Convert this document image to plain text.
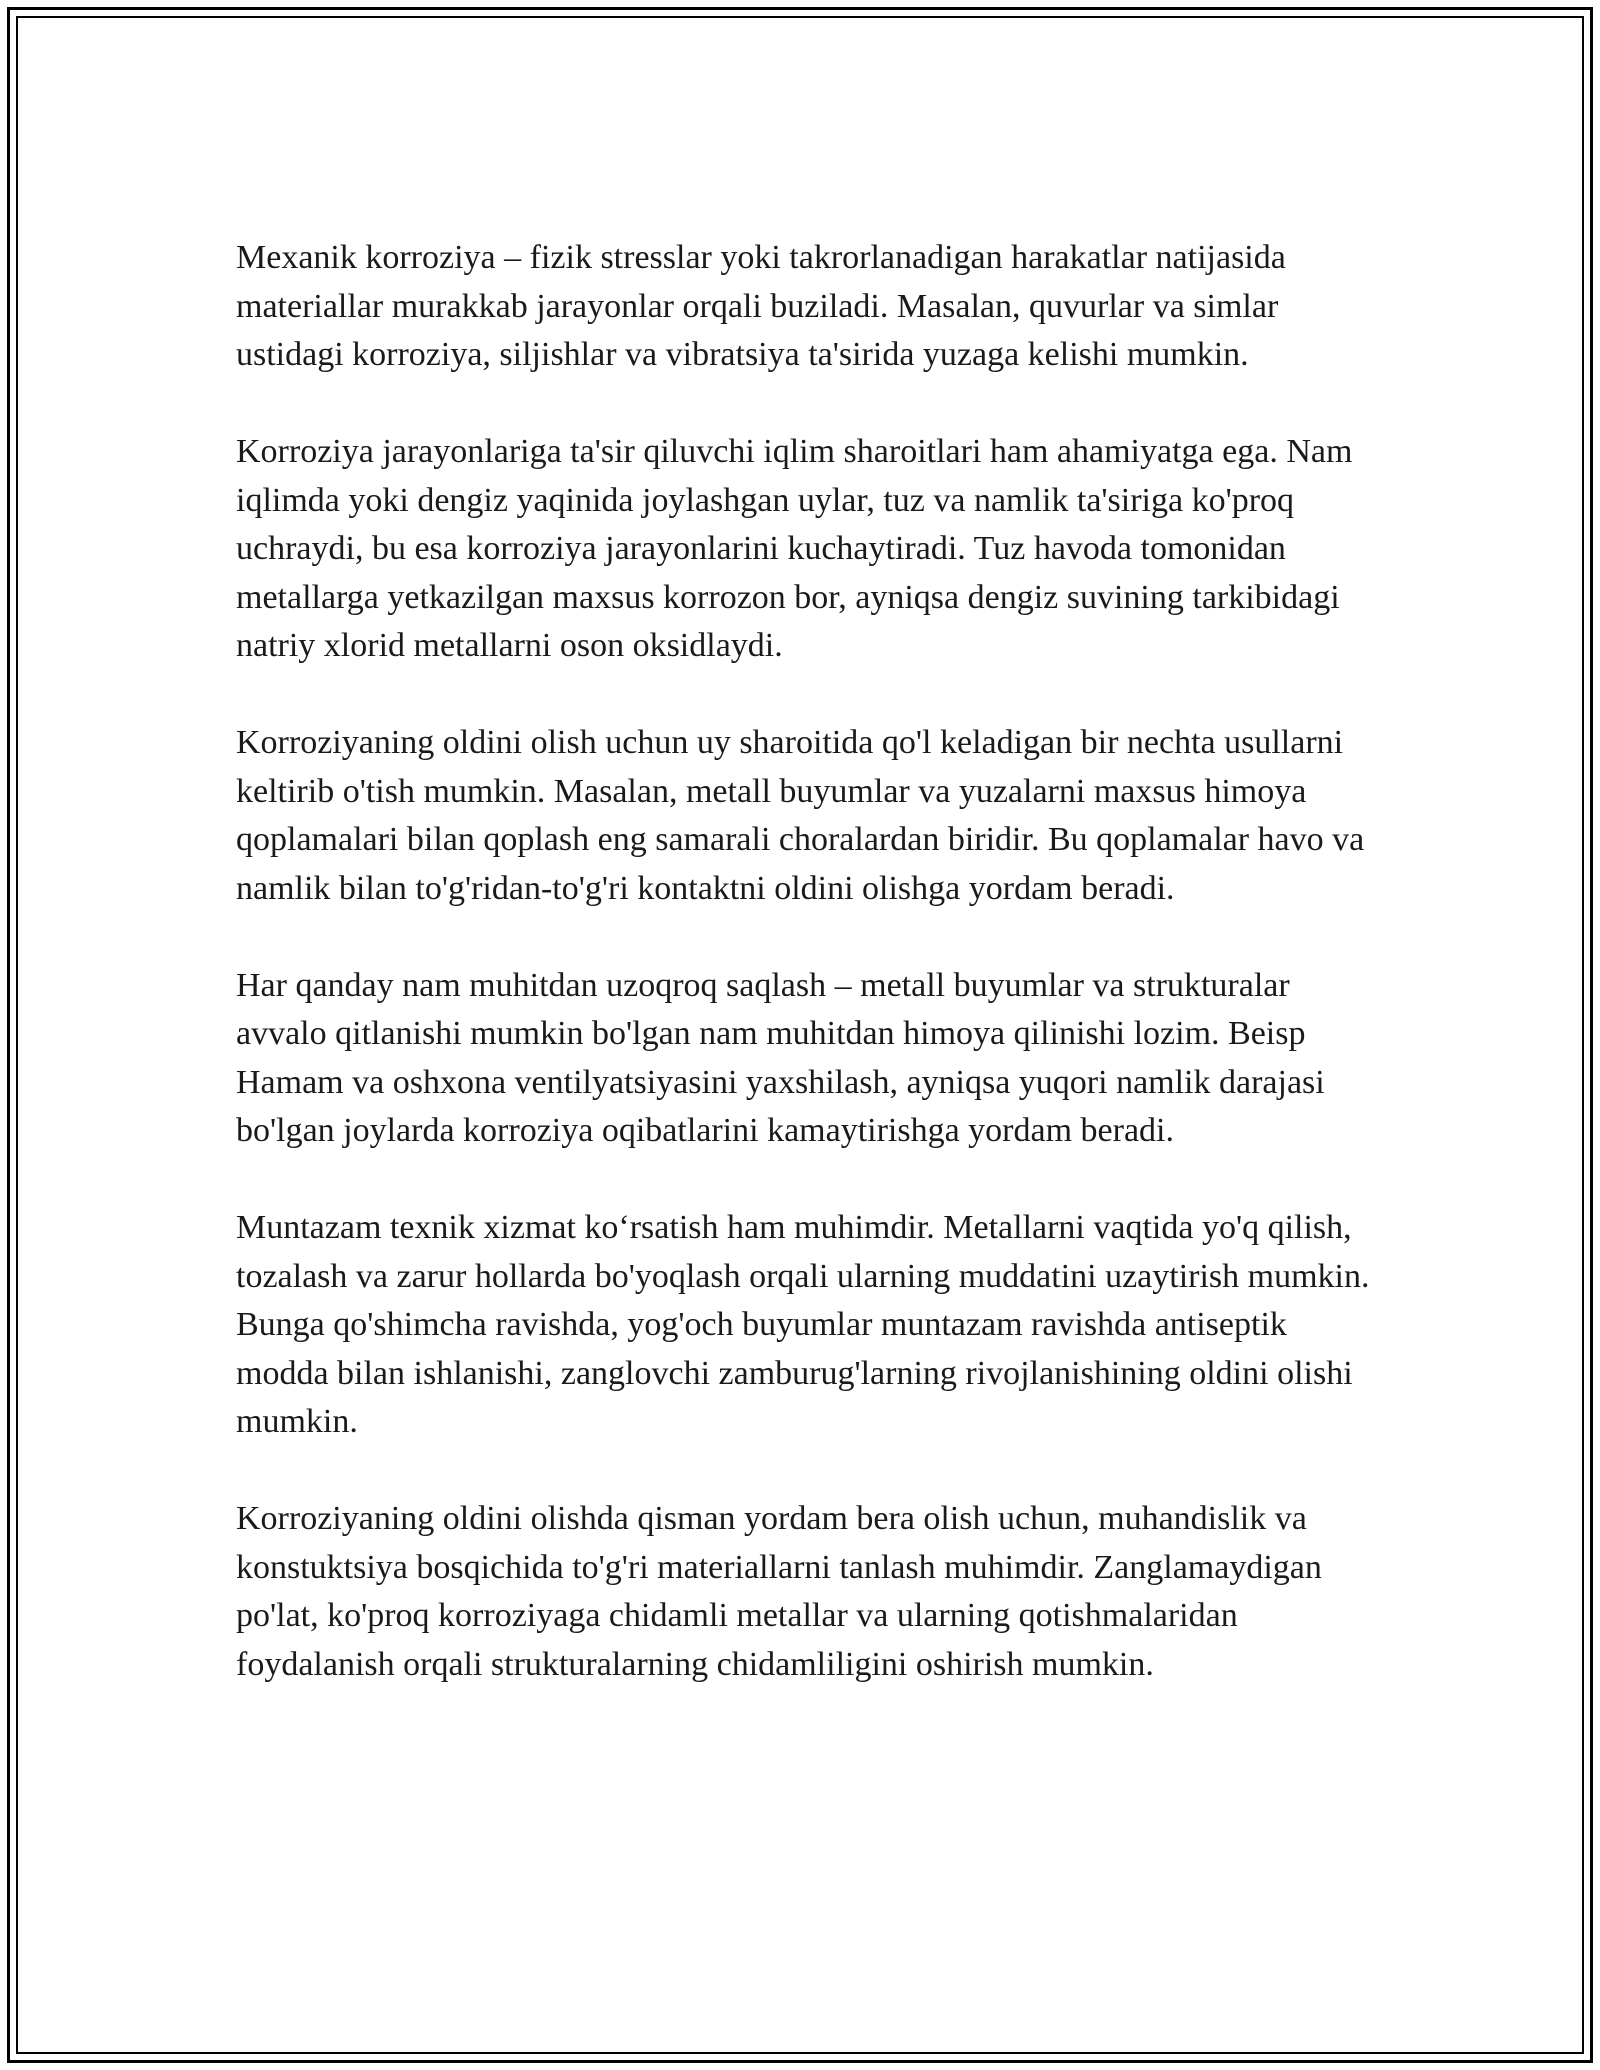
Mexanik korroziya – fizik stresslar yoki takrorlanadigan harakatlar natijasida materiallar murakkab jarayonlar orqali buziladi. Masalan, quvurlar va simlar ustidagi korroziya, siljishlar va vibratsiya ta'sirida yuzaga kelishi mumkin.

Korroziya jarayonlariga ta'sir qiluvchi iqlim sharoitlari ham ahamiyatga ega. Nam iqlimda yoki dengiz yaqinida joylashgan uylar, tuz va namlik ta'siriga ko'proq uchraydi, bu esa korroziya jarayonlarini kuchaytiradi. Tuz havoda tomonidan metallarga yetkazilgan maxsus korrozon bor, ayniqsa dengiz suvining tarkibidagi natriy xlorid metallarni oson oksidlaydi.

Korroziyaning oldini olish uchun uy sharoitida qo'l keladigan bir nechta usullarni keltirib o'tish mumkin. Masalan, metall buyumlar va yuzalarni maxsus himoya qoplamalari bilan qoplash eng samarali choralardan biridir. Bu qoplamalar havo va namlik bilan to'g'ridan-to'g'ri kontaktni oldini olishga yordam beradi.

Har qanday nam muhitdan uzoqroq saqlash – metall buyumlar va strukturalar avvalo qitlanishi mumkin bo'lgan nam muhitdan himoya qilinishi lozim. Beisp Hamam va oshxona ventilyatsiyasini yaxshilash, ayniqsa yuqori namlik darajasi bo'lgan joylarda korroziya oqibatlarini kamaytirishga yordam beradi.

Muntazam texnik xizmat ko‘rsatish ham muhimdir. Metallarni vaqtida yo'q qilish, tozalash va zarur hollarda bo'yoqlash orqali ularning muddatini uzaytirish mumkin. Bunga qo'shimcha ravishda, yog'och buyumlar muntazam ravishda antiseptik modda bilan ishlanishi, zanglovchi zamburug'larning rivojlanishining oldini olishi mumkin.

Korroziyaning oldini olishda qisman yordam bera olish uchun, muhandislik va konstuktsiya bosqichida to'g'ri materiallarni tanlash muhimdir. Zanglamaydigan po'lat, ko'proq korroziyaga chidamli metallar va ularning qotishmalaridan foydalanish orqali strukturalarning chidamliligini oshirish mumkin.
